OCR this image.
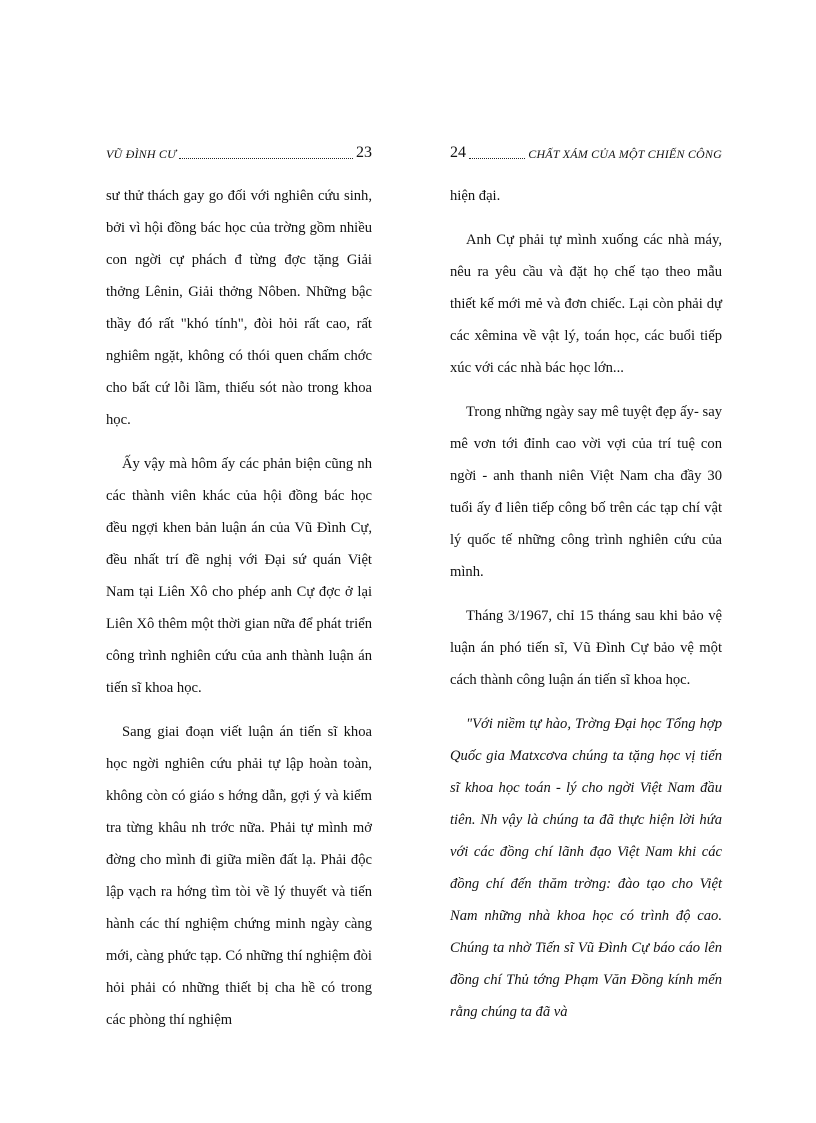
VŨ ĐÌNH CƯ	23

sư thử thách gay go đối với nghiên cứu sinh, bởi vì hội đồng bác học của trờng gồm nhiều con ngời cự phách đ từng đợc tặng Giải thởng Lênin, Giải thởng Nôben. Những bậc thầy đó rất "khó tính", đòi hỏi rất cao, rất nghiêm ngặt, không có thói quen chấm chớc cho bất cứ lỗi lầm, thiếu sót nào trong khoa học.

Ấy vậy mà hôm ấy các phản biện cũng nh các thành viên khác của hội đồng bác học đều ngợi khen bản luận án của Vũ Đình Cự, đều nhất trí đề nghị với Đại sứ quán Việt Nam tại Liên Xô cho phép anh Cự đợc ở lại Liên Xô thêm một thời gian nữa để phát triển công trình nghiên cứu của anh thành luận án tiến sĩ khoa học.

Sang giai đoạn viết luận án tiến sĩ khoa học ngời nghiên cứu phải tự lập hoàn toàn, không còn có giáo s hớng dẫn, gợi ý và kiểm tra từng khâu nh trớc nữa. Phải tự mình mở đờng cho mình đi giữa miền đất lạ. Phải độc lập vạch ra hớng tìm tòi về lý thuyết và tiến hành các thí nghiệm chứng minh ngày càng mới, càng phức tạp. Có những thí nghiệm đòi hỏi phải có những thiết bị cha hề có trong các phòng thí nghiệm

24	CHẤT XÁM CỦA MỘT CHIẾN CÔNG

hiện đại.

Anh Cự phải tự mình xuống các nhà máy, nêu ra yêu cầu và đặt họ chế tạo theo mẫu thiết kế mới mẻ và đơn chiếc. Lại còn phải dự các xêmina về vật lý, toán học, các buổi tiếp xúc với các nhà bác học lớn...

Trong những ngày say mê tuyệt đẹp ấy- say mê vơn tới đỉnh cao vời vợi của trí tuệ con ngời - anh thanh niên Việt Nam cha đầy 30 tuổi ấy đ liên tiếp công bố trên các tạp chí vật lý quốc tế những công trình nghiên cứu của mình.

Tháng 3/1967, chỉ 15 tháng sau khi bảo vệ luận án phó tiến sĩ, Vũ Đình Cự bảo vệ một cách thành công luận án tiến sĩ khoa học.

"Với niềm tự hào, Trờng Đại học Tổng hợp Quốc gia Matxcơva chúng ta tặng học vị tiến sĩ khoa học toán - lý cho ngời Việt Nam đầu tiên. Nh vậy là chúng ta đã thực hiện lời hứa với các đồng chí lãnh đạo Việt Nam khi các đồng chí đến thăm trờng: đào tạo cho Việt Nam những nhà khoa học có trình độ cao. Chúng ta nhờ Tiến sĩ Vũ Đình Cự báo cáo lên đồng chí Thủ tớng Phạm Văn Đồng kính mến rằng chúng ta đã và
